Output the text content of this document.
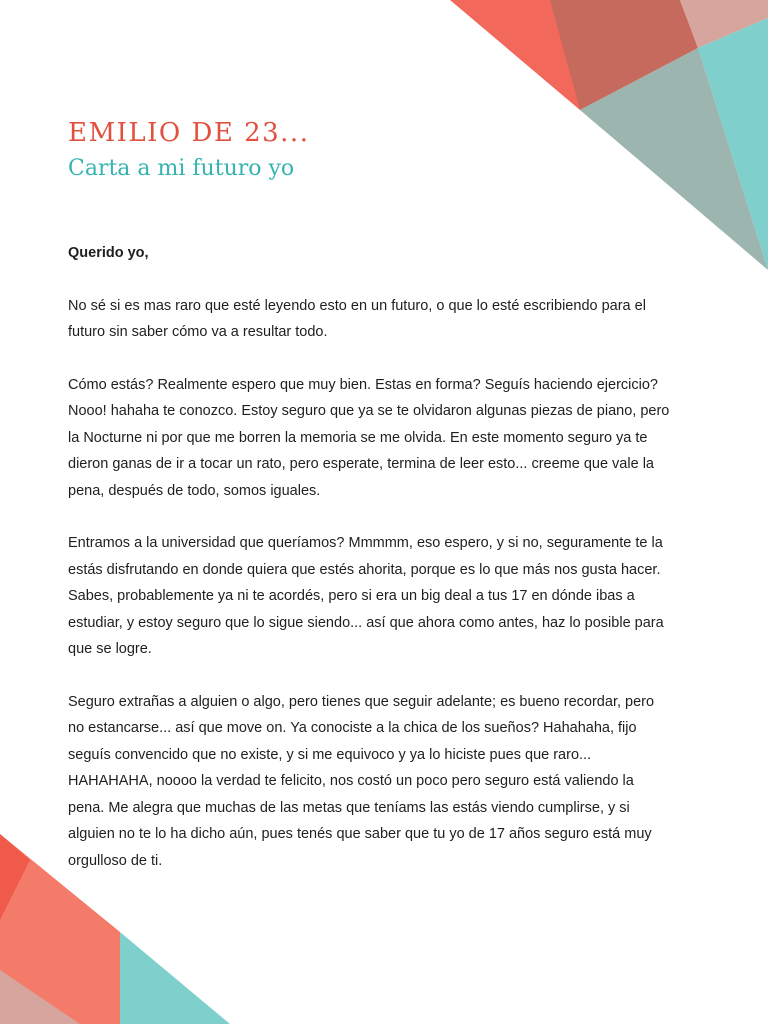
EMILIO DE 23...
Carta a mi futuro yo

Querido yo,

No sé si es mas raro que esté leyendo esto en un futuro, o que lo esté escribiendo para el futuro sin saber cómo va a resultar todo.

Cómo estás? Realmente espero que muy bien. Estas en forma? Seguís haciendo ejercicio? Nooo! hahaha te conozco. Estoy seguro que ya se te olvidaron algunas piezas de piano, pero la Nocturne ni por que me borren la memoria se me olvida. En este momento seguro ya te dieron ganas de ir a tocar un rato, pero esperate, termina de leer esto... creeme que vale la pena, después de todo, somos iguales.

Entramos a la universidad que queríamos? Mmmmm, eso espero, y si no, seguramente te la estás disfrutando en donde quiera que estés ahorita, porque es lo que más nos gusta hacer. Sabes, probablemente ya ni te acordés, pero si era un big deal a tus 17 en dónde ibas a estudiar, y estoy seguro que lo sigue siendo... así que ahora como antes, haz lo posible para que se logre.

Seguro extrañas a alguien o algo, pero tienes que seguir adelante; es bueno recordar, pero no estancarse... así que move on. Ya conociste a la chica de los sueños? Hahahaha, fijo seguís convencido que no existe, y si me equivoco y ya lo hiciste pues que raro... HAHAHAHA, noooo la verdad te felicito, nos costó un poco pero seguro está valiendo la pena. Me alegra que muchas de las metas que teníams las estás viendo cumplirse, y si alguien no te lo ha dicho aún, pues tenés que saber que tu yo de 17 años seguro está muy orgulloso de ti.
